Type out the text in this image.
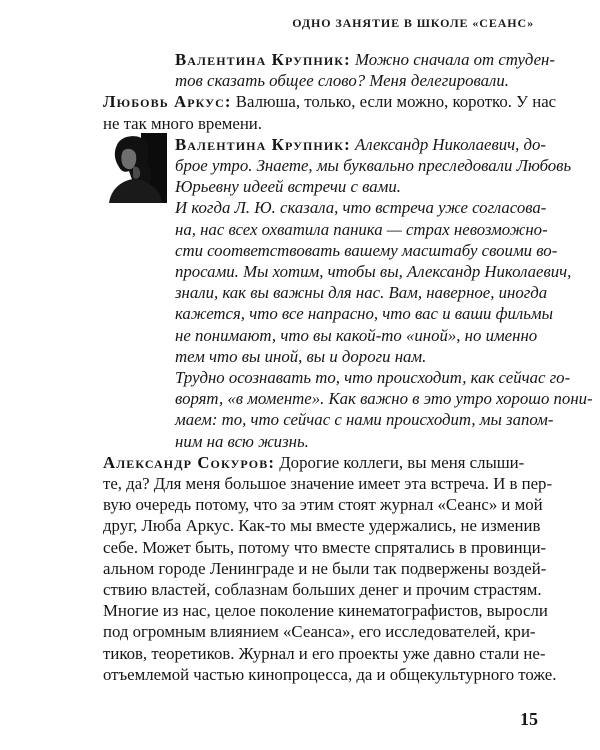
ОДНО ЗАНЯТИЕ В ШКОЛЕ «СЕАНС»
Валентина Крупник: Можно сначала от студен-
тов сказать общее слово? Меня делегировали.
Любовь Аркус: Валюша, только, если можно, коротко. У нас
не так много времени.
Валентина Крупник: Александр Николаевич, до-
брое утро. Знаете, мы буквально преследовали Любовь
Юрьевну идеей встречи с вами.
И когда Л. Ю. сказала, что встреча уже согласова-
на, нас всех охватила паника — страх невозможно-
сти соответствовать вашему масштабу своими во-
просами. Мы хотим, чтобы вы, Александр Николаевич,
знали, как вы важны для нас. Вам, наверное, иногда
кажется, что все напрасно, что вас и ваши фильмы
не понимают, что вы какой-то «иной», но именно
тем что вы иной, вы и дороги нам.
Трудно осознавать то, что происходит, как сейчас го-
ворят, «в моменте». Как важно в это утро хорошо пони-
маем: то, что сейчас с нами происходит, мы запом-
ним на всю жизнь.
Александр Сокуров: Дорогие коллеги, вы меня слыши-
те, да? Для меня большое значение имеет эта встреча. И в пер-
вую очередь потому, что за этим стоят журнал «Сеанс» и мой
друг, Люба Аркус. Как-то мы вместе удержались, не изменив
себе. Может быть, потому что вместе спрятались в провинци-
альном городе Ленинграде и не были так подвержены воздей-
ствию властей, соблазнам больших денег и прочим страстям.
Многие из нас, целое поколение кинематографистов, выросли
под огромным влиянием «Сеанса», его исследователей, кри-
тиков, теоретиков. Журнал и его проекты уже давно стали не-
отъемлемой частью кинопроцесса, да и общекультурного тоже.
15
